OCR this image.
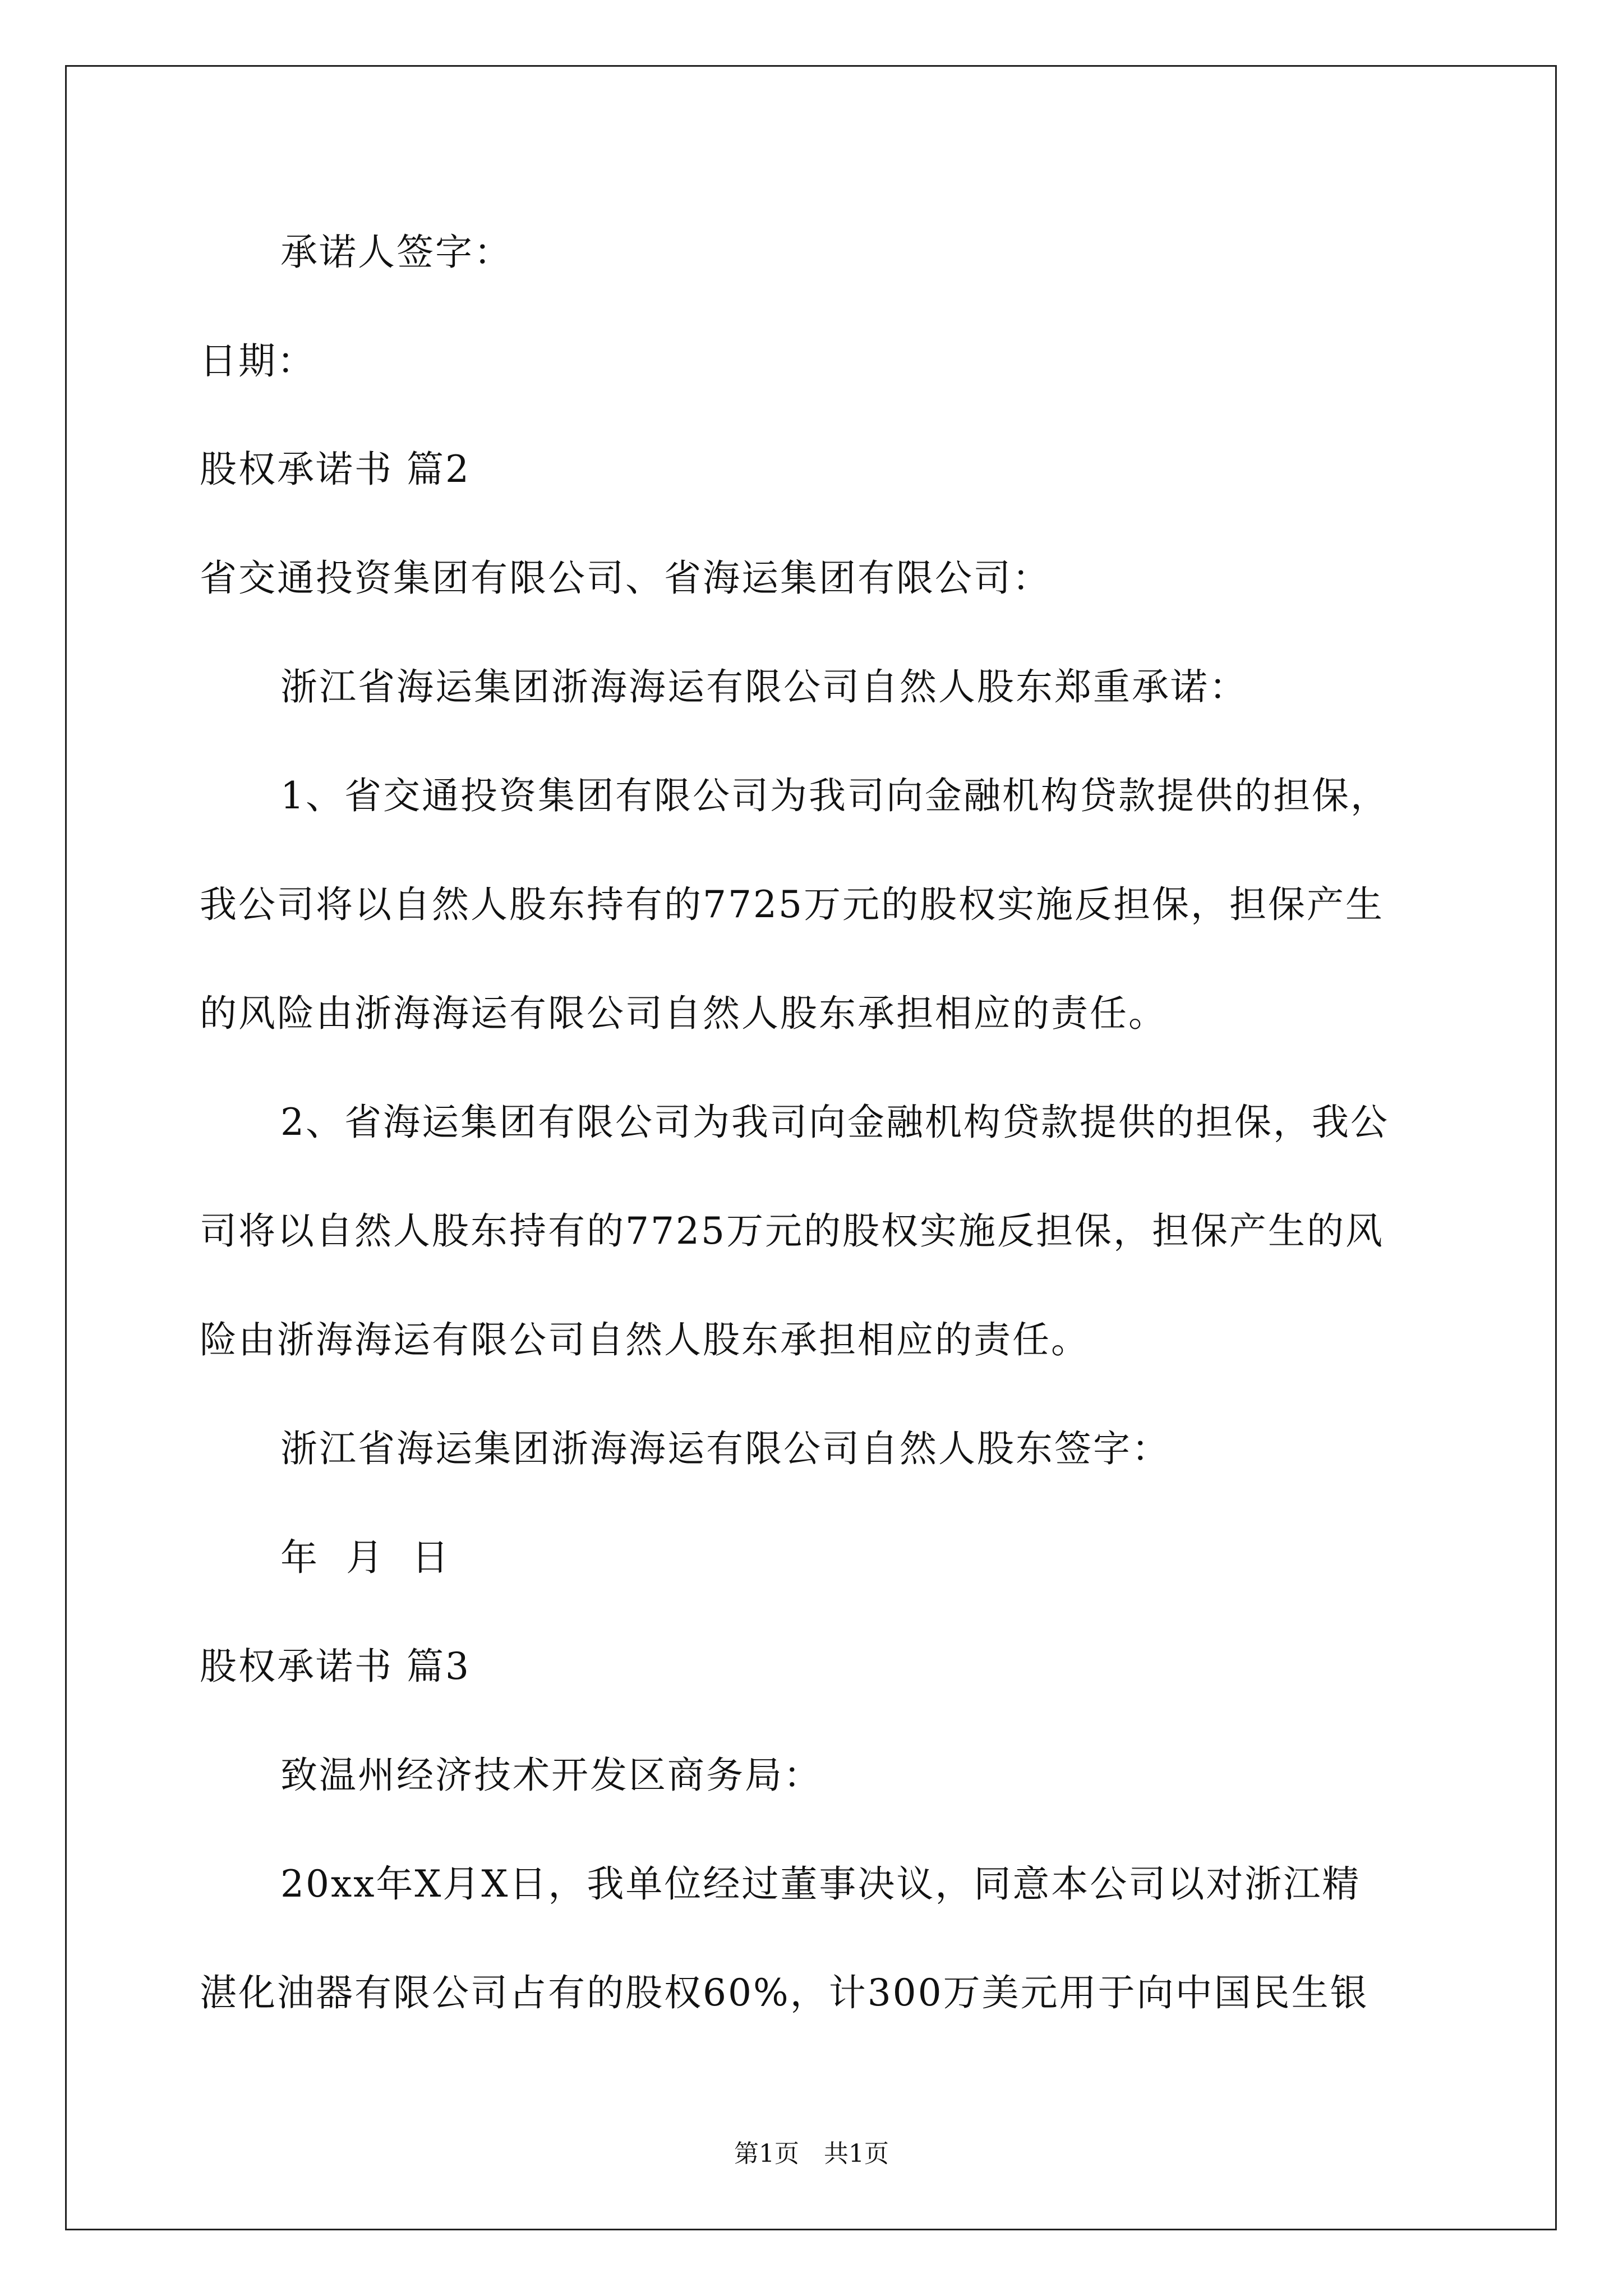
承诺人签字：
日期：
股权承诺书 篇2
省交通投资集团有限公司、省海运集团有限公司：
浙江省海运集团浙海海运有限公司自然人股东郑重承诺：
1、省交通投资集团有限公司为我司向金融机构贷款提供的担保，
我公司将以自然人股东持有的7725万元的股权实施反担保，担保产生
的风险由浙海海运有限公司自然人股东承担相应的责任。
2、省海运集团有限公司为我司向金融机构贷款提供的担保，我公
司将以自然人股东持有的7725万元的股权实施反担保，担保产生的风
险由浙海海运有限公司自然人股东承担相应的责任。
浙江省海运集团浙海海运有限公司自然人股东签字：
年 月 日
股权承诺书 篇3
致温州经济技术开发区商务局：
20xx年X月X日，我单位经过董事决议，同意本公司以对浙江精
湛化油器有限公司占有的股权60%，计300万美元用于向中国民生银
第1页　共1页
